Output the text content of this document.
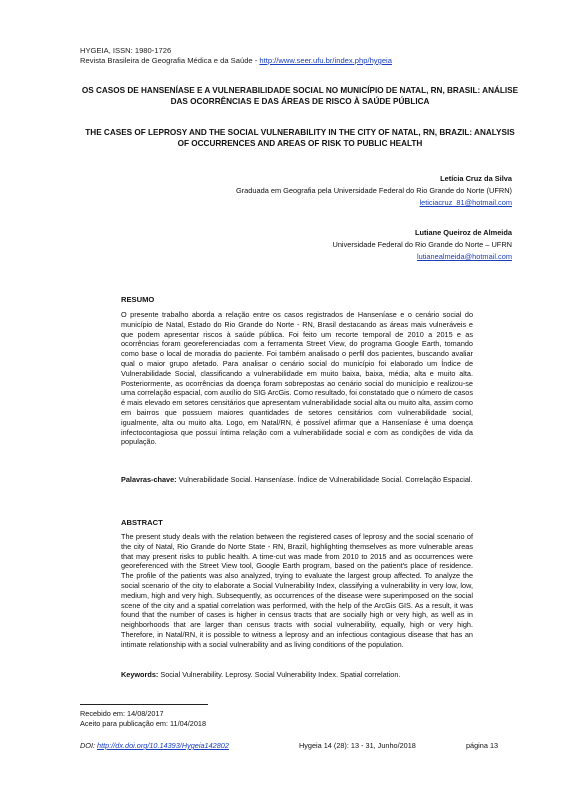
HYGEIA, ISSN: 1980-1726
Revista Brasileira de Geografia Médica e da Saúde - http://www.seer.ufu.br/index.php/hygeia
OS CASOS DE HANSENÍASE E A VULNERABILIDADE SOCIAL NO MUNICÍPIO DE NATAL, RN, BRASIL: ANÁLISE DAS OCORRÊNCIAS E DAS ÁREAS DE RISCO À SAÚDE PÚBLICA
THE CASES OF LEPROSY AND THE SOCIAL VULNERABILITY IN THE CITY OF NATAL, RN, BRAZIL: ANALYSIS OF OCCURRENCES AND AREAS OF RISK TO PUBLIC HEALTH
Letícia Cruz da Silva
Graduada em Geografia pela Universidade Federal do Rio Grande do Norte (UFRN)
leticiacruz_81@hotmail.com
Lutiane Queiroz de Almeida
Universidade Federal do Rio Grande do Norte – UFRN
lutianealmeida@hotmail.com
RESUMO
O presente trabalho aborda a relação entre os casos registrados de Hanseníase e o cenário social do município de Natal, Estado do Rio Grande do Norte - RN, Brasil destacando as áreas mais vulneráveis e que podem apresentar riscos à saúde pública. Foi feito um recorte temporal de 2010 a 2015 e as ocorrências foram georeferenciadas com a ferramenta Street View, do programa Google Earth, tomando como base o local de moradia do paciente. Foi também analisado o perfil dos pacientes, buscando avaliar qual o maior grupo afetado. Para analisar o cenário social do município foi elaborado um Índice de Vulnerabilidade Social, classificando a vulnerabilidade em muito baixa, baixa, média, alta e muito alta. Posteriormente, as ocorrências da doença foram sobrepostas ao cenário social do município e realizou-se uma correlação espacial, com auxílio do SIG ArcGis. Como resultado, foi constatado que o número de casos é mais elevado em setores censitários que apresentam vulnerabilidade social alta ou muito alta, assim como em bairros que possuem maiores quantidades de setores censitários com vulnerabilidade social, igualmente, alta ou muito alta. Logo, em Natal/RN, é possível afirmar que a Hanseníase é uma doença infectocontagiosa que possui íntima relação com a vulnerabilidade social e com as condições de vida da população.
Palavras-chave: Vulnerabilidade Social. Hanseníase. Índice de Vulnerabilidade Social. Correlação Espacial.
ABSTRACT
The present study deals with the relation between the registered cases of leprosy and the social scenario of the city of Natal, Rio Grande do Norte State - RN, Brazil, highlighting themselves as more vulnerable areas that may present risks to public health. A time-cut was made from 2010 to 2015 and as occurrences were georeferenced with the Street View tool, Google Earth program, based on the patient's place of residence. The profile of the patients was also analyzed, trying to evaluate the largest group affected. To analyze the social scenario of the city to elaborate a Social Vulnerability Index, classifying a vulnerability in very low, low, medium, high and very high. Subsequently, as occurrences of the disease were superimposed on the social scene of the city and a spatial correlation was performed, with the help of the ArcGis GIS. As a result, it was found that the number of cases is higher in census tracts that are socially high or very high, as well as in neighborhoods that are larger than census tracts with social vulnerability, equally, high or very high. Therefore, in Natal/RN, it is possible to witness a leprosy and an infectious contagious disease that has an intimate relationship with a social vulnerability and as living conditions of the population.
Keywords: Social Vulnerability. Leprosy. Social Vulnerability Index. Spatial correlation.
Recebido em: 14/08/2017
Aceito para publicação em: 11/04/2018
DOI: http://dx.doi.org/10.14393/Hygeia142802	Hygeia 14 (28): 13 - 31, Junho/2018	página 13
